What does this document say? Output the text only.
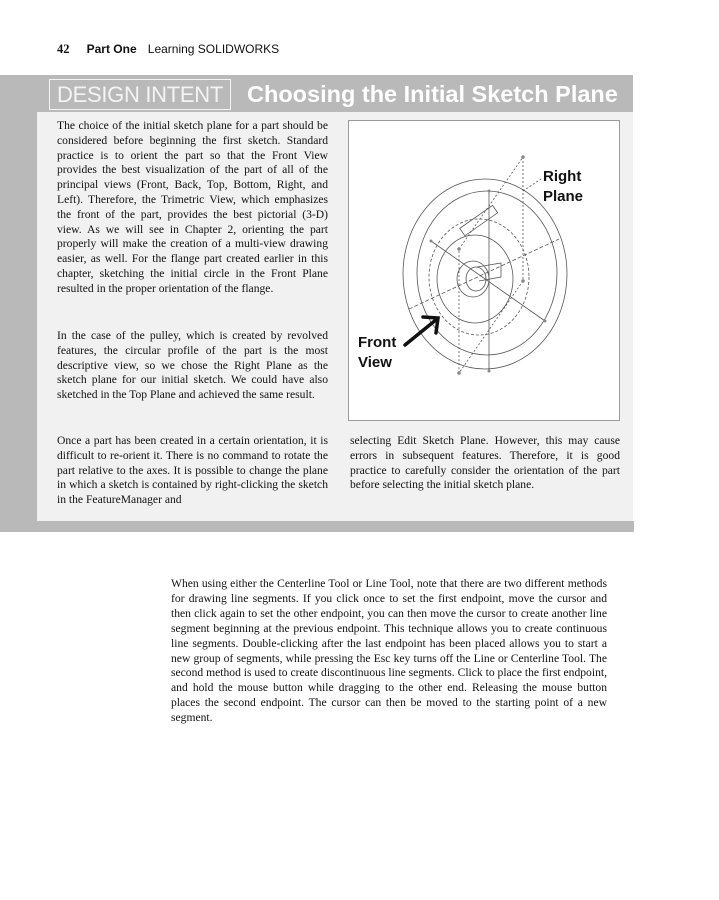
42 Part One Learning SOLIDWORKS
DESIGN INTENT	Choosing the Initial Sketch Plane

The choice of the initial sketch plane for a part should be considered before beginning the first sketch. Standard practice is to orient the part so that the Front View provides the best visualization of the part of all of the principal views (Front, Back, Top, Bottom, Right, and Left). Therefore, the Trimetric View, which emphasizes the front of the part, provides the best pictorial (3-D) view. As we will see in Chapter 2, orienting the part properly will make the creation of a multi-view drawing easier, as well. For the flange part created earlier in this chapter, sketching the initial circle in the Front Plane resulted in the proper orientation of the flange.

In the case of the pulley, which is created by revolved features, the circular profile of the part is the most descriptive view, so we chose the Right Plane as the sketch plane for our initial sketch. We could have also sketched in the Top Plane and achieved the same result.

Once a part has been created in a certain orientation, it is difficult to re-orient it. There is no command to rotate the part relative to the axes. It is possible to change the plane in which a sketch is contained by right-clicking the sketch in the FeatureManager and

selecting Edit Sketch Plane. However, this may cause errors in subsequent features. Therefore, it is good practice to carefully consider the orientation of the part before selecting the initial sketch plane.

Right
Plane
Front
View

When using either the Centerline Tool or Line Tool, note that there are two different methods for drawing line segments. If you click once to set the first endpoint, move the cursor and then click again to set the other endpoint, you can then move the cursor to create another line segment beginning at the previous endpoint. This technique allows you to create continuous line segments. Double-clicking after the last endpoint has been placed allows you to start a new group of segments, while pressing the Esc key turns off the Line or Centerline Tool. The second method is used to create discontinuous line segments. Click to place the first endpoint, and hold the mouse button while dragging to the other end. Releasing the mouse button places the second endpoint. The cursor can then be moved to the starting point of a new segment.
